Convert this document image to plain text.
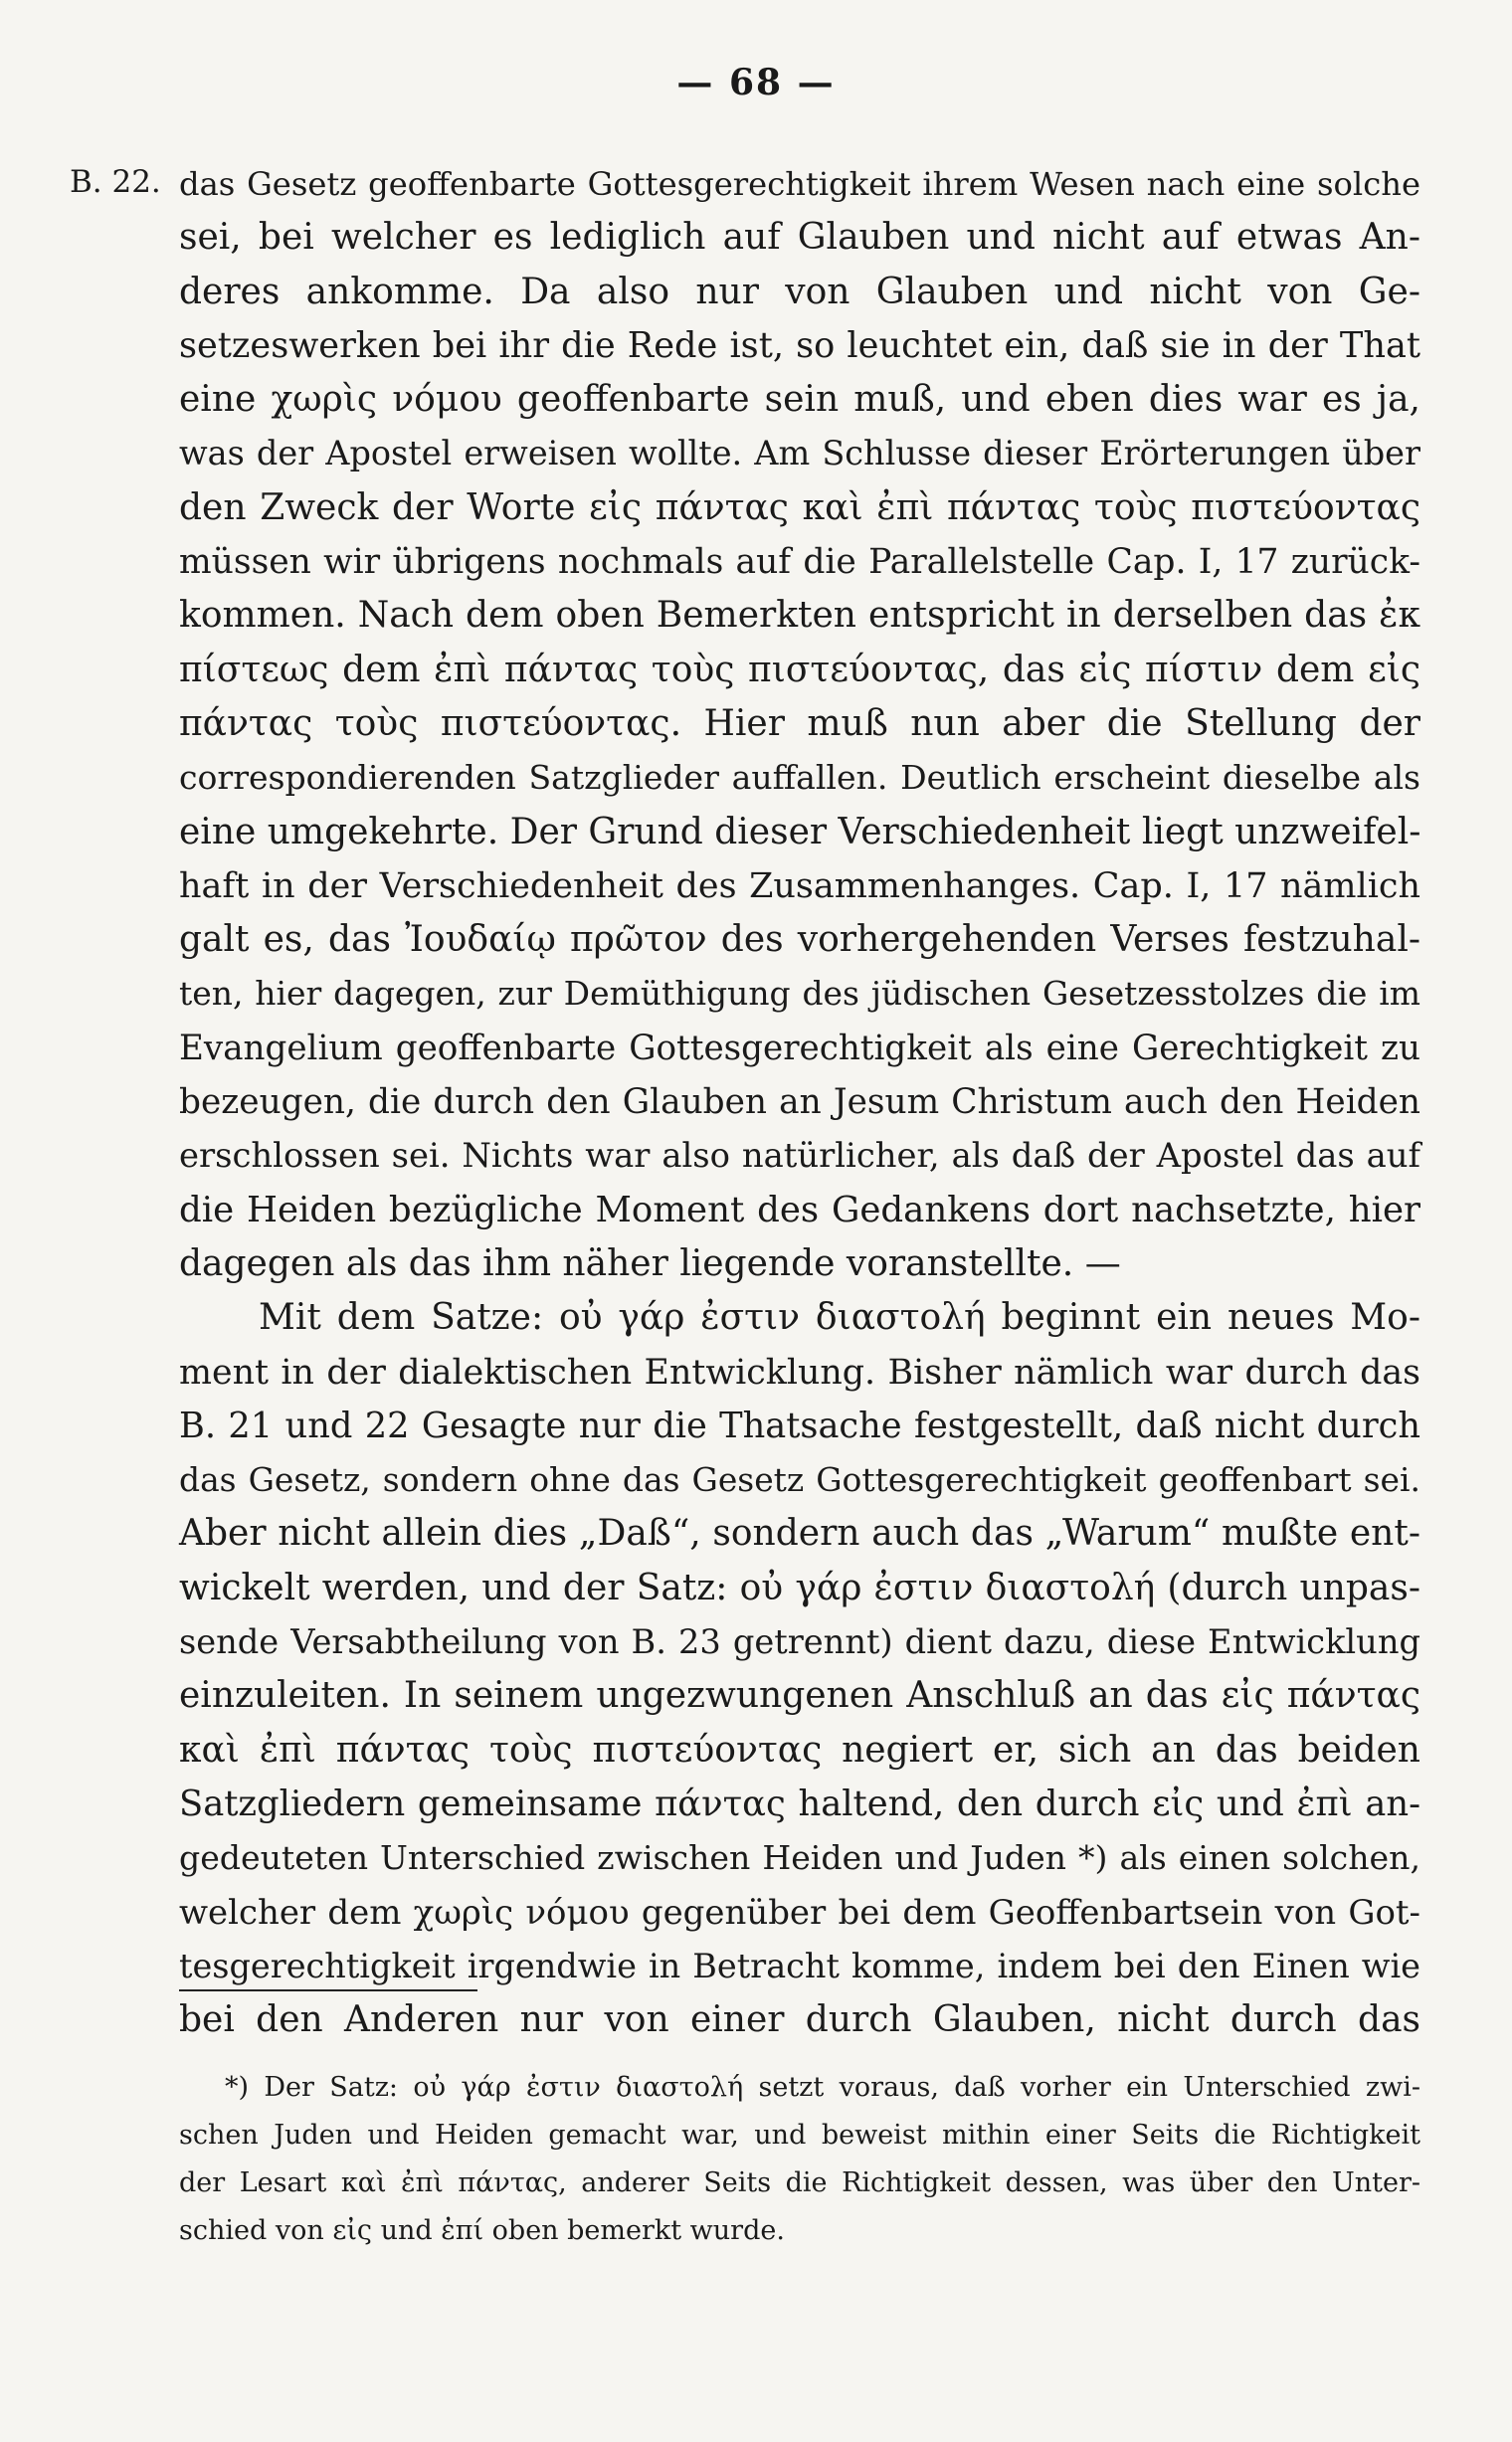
— 68 —
B. 22. das Gesetz geoffenbarte Gottesgerechtigkeit ihrem Wesen nach eine solche
sei, bei welcher es lediglich auf Glauben und nicht auf etwas An-
deres ankomme. Da also nur von Glauben und nicht von Ge-
setzeswerken bei ihr die Rede ist, so leuchtet ein, daß sie in der That
eine χωρὶς νόμου geoffenbarte sein muß, und eben dies war es ja,
was der Apostel erweisen wollte. Am Schlusse dieser Erörterungen über
den Zweck der Worte εἰς πάντας καὶ ἐπὶ πάντας τοὺς πιστεύοντας
müssen wir übrigens nochmals auf die Parallelstelle Cap. I, 17 zurück-
kommen. Nach dem oben Bemerkten entspricht in derselben das ἐκ
πίστεως dem ἐπὶ πάντας τοὺς πιστεύοντας, das εἰς πίστιν dem εἰς
πάντας τοὺς πιστεύοντας. Hier muß nun aber die Stellung der
correspondierenden Satzglieder auffallen. Deutlich erscheint dieselbe als
eine umgekehrte. Der Grund dieser Verschiedenheit liegt unzweifel-
haft in der Verschiedenheit des Zusammenhanges. Cap. I, 17 nämlich
galt es, das Ἰουδαίῳ πρῶτον des vorhergehenden Verses festzuhal-
ten, hier dagegen, zur Demüthigung des jüdischen Gesetzesstolzes die im
Evangelium geoffenbarte Gottesgerechtigkeit als eine Gerechtigkeit zu
bezeugen, die durch den Glauben an Jesum Christum auch den Heiden
erschlossen sei. Nichts war also natürlicher, als daß der Apostel das auf
die Heiden bezügliche Moment des Gedankens dort nachsetzte, hier
dagegen als das ihm näher liegende voranstellte. —
Mit dem Satze: οὐ γάρ ἐστιν διαστολή beginnt ein neues Mo-
ment in der dialektischen Entwicklung. Bisher nämlich war durch das
B. 21 und 22 Gesagte nur die Thatsache festgestellt, daß nicht durch
das Gesetz, sondern ohne das Gesetz Gottesgerechtigkeit geoffenbart sei.
Aber nicht allein dies „Daß“, sondern auch das „Warum“ mußte ent-
wickelt werden, und der Satz: οὐ γάρ ἐστιν διαστολή (durch unpas-
sende Versabtheilung von B. 23 getrennt) dient dazu, diese Entwicklung
einzuleiten. In seinem ungezwungenen Anschluß an das εἰς πάντας
καὶ ἐπὶ πάντας τοὺς πιστεύοντας negiert er, sich an das beiden
Satzgliedern gemeinsame πάντας haltend, den durch εἰς und ἐπὶ an-
gedeuteten Unterschied zwischen Heiden und Juden *) als einen solchen,
welcher dem χωρὶς νόμου gegenüber bei dem Geoffenbartsein von Got-
tesgerechtigkeit irgendwie in Betracht komme, indem bei den Einen wie
bei den Anderen nur von einer durch Glauben, nicht durch das
*) Der Satz: οὐ γάρ ἐστιν διαστολή setzt voraus, daß vorher ein Unterschied zwi-
schen Juden und Heiden gemacht war, und beweist mithin einer Seits die Richtigkeit
der Lesart καὶ ἐπὶ πάντας, anderer Seits die Richtigkeit dessen, was über den Unter-
schied von εἰς und ἐπί oben bemerkt wurde.
